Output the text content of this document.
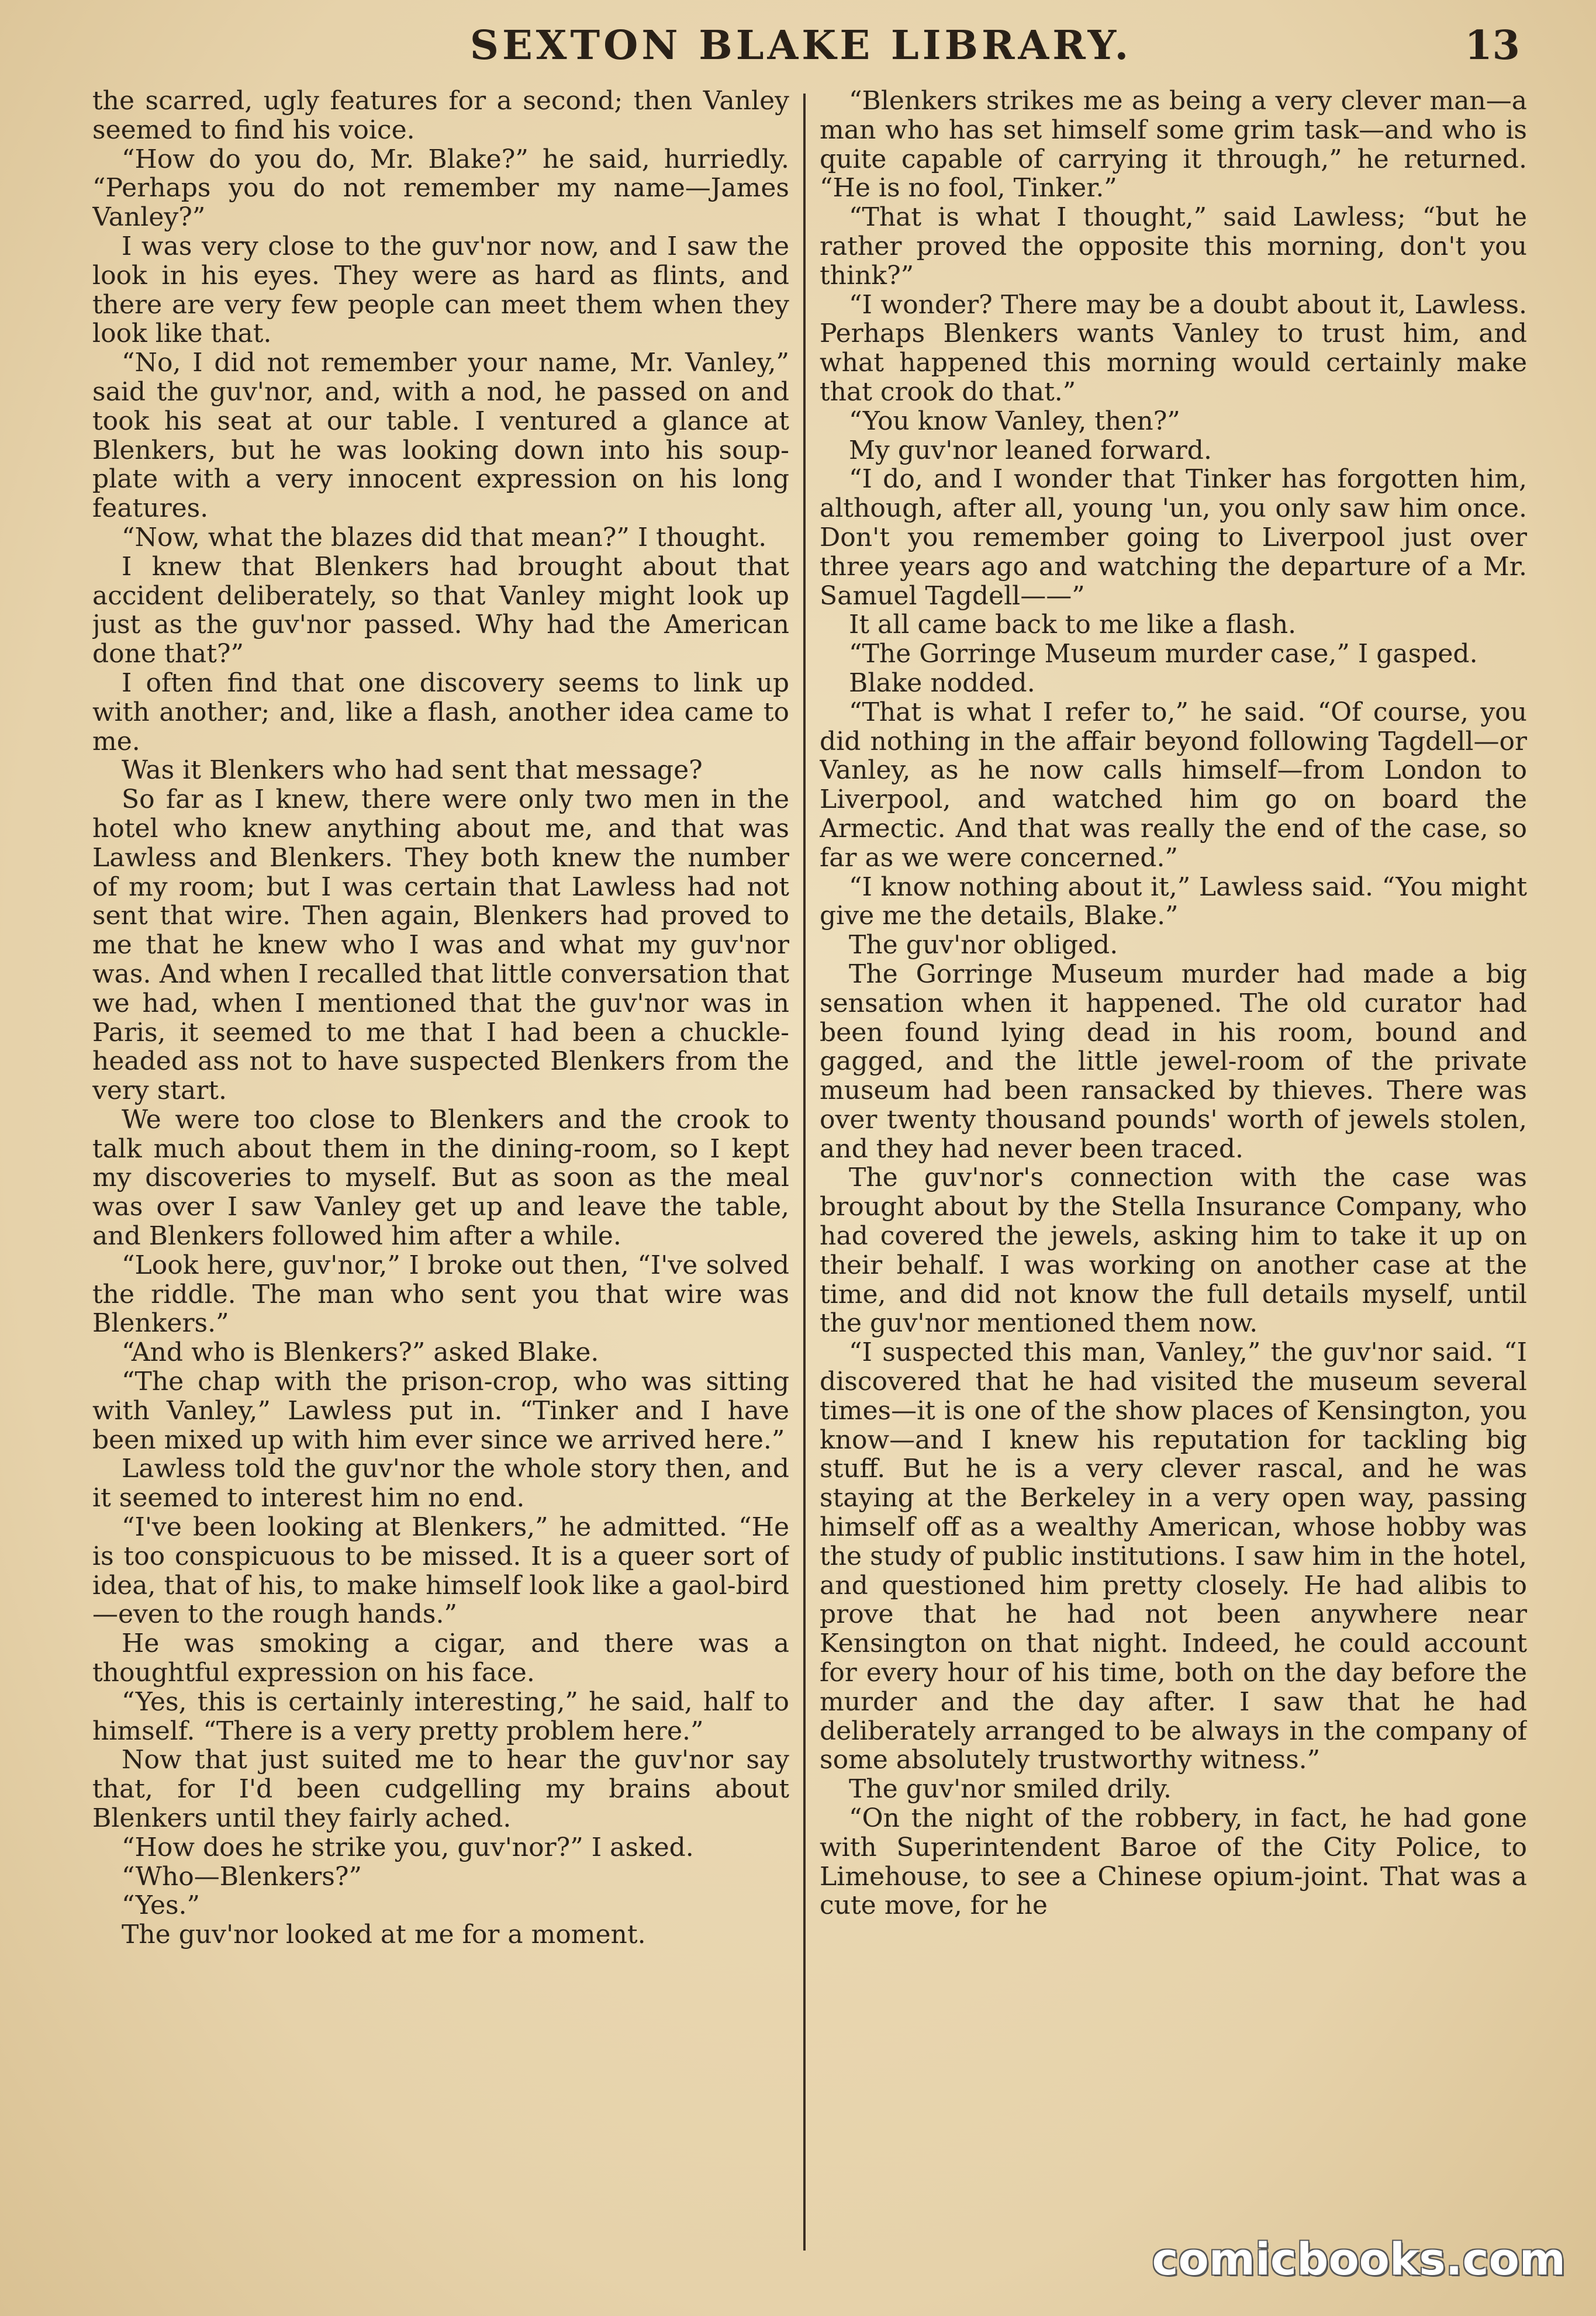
SEXTON BLAKE LIBRARY.	13

the scarred, ugly features for a second; then Vanley seemed to find his voice.

“How do you do, Mr. Blake?” he said, hurriedly. “Perhaps you do not remember my name—James Vanley?”

I was very close to the guv'nor now, and I saw the look in his eyes. They were as hard as flints, and there are very few people can meet them when they look like that.

“No, I did not remember your name, Mr. Vanley,” said the guv'nor, and, with a nod, he passed on and took his seat at our table. I ventured a glance at Blenkers, but he was looking down into his soup-plate with a very innocent expression on his long features.

“Now, what the blazes did that mean?” I thought.

I knew that Blenkers had brought about that accident deliberately, so that Vanley might look up just as the guv'nor passed. Why had the American done that?”

I often find that one discovery seems to link up with another; and, like a flash, another idea came to me.

Was it Blenkers who had sent that message?

So far as I knew, there were only two men in the hotel who knew anything about me, and that was Lawless and Blenkers. They both knew the number of my room; but I was certain that Lawless had not sent that wire. Then again, Blenkers had proved to me that he knew who I was and what my guv'nor was. And when I recalled that little conversation that we had, when I mentioned that the guv'nor was in Paris, it seemed to me that I had been a chuckle-headed ass not to have suspected Blenkers from the very start.

We were too close to Blenkers and the crook to talk much about them in the dining-room, so I kept my discoveries to myself. But as soon as the meal was over I saw Vanley get up and leave the table, and Blenkers followed him after a while.

“Look here, guv'nor,” I broke out then, “I've solved the riddle. The man who sent you that wire was Blenkers.”

“And who is Blenkers?” asked Blake.

“The chap with the prison-crop, who was sitting with Vanley,” Lawless put in. “Tinker and I have been mixed up with him ever since we arrived here.”

Lawless told the guv'nor the whole story then, and it seemed to interest him no end.

“I've been looking at Blenkers,” he admitted. “He is too conspicuous to be missed. It is a queer sort of idea, that of his, to make himself look like a gaol-bird—even to the rough hands.”

He was smoking a cigar, and there was a thoughtful expression on his face.

“Yes, this is certainly interesting,” he said, half to himself. “There is a very pretty problem here.”

Now that just suited me to hear the guv'nor say that, for I'd been cudgelling my brains about Blenkers until they fairly ached.

“How does he strike you, guv'nor?” I asked.

“Who—Blenkers?”

“Yes.”

The guv'nor looked at me for a moment.

“Blenkers strikes me as being a very clever man—a man who has set himself some grim task—and who is quite capable of carrying it through,” he returned. “He is no fool, Tinker.”

“That is what I thought,” said Lawless; “but he rather proved the opposite this morning, don't you think?”

“I wonder? There may be a doubt about it, Lawless. Perhaps Blenkers wants Vanley to trust him, and what happened this morning would certainly make that crook do that.”

“You know Vanley, then?”

My guv'nor leaned forward.

“I do, and I wonder that Tinker has forgotten him, although, after all, young 'un, you only saw him once. Don't you remember going to Liverpool just over three years ago and watching the departure of a Mr. Samuel Tagdell——”

It all came back to me like a flash.

“The Gorringe Museum murder case,” I gasped.

Blake nodded.

“That is what I refer to,” he said. “Of course, you did nothing in the affair beyond following Tagdell—or Vanley, as he now calls himself—from London to Liverpool, and watched him go on board the Armectic. And that was really the end of the case, so far as we were concerned.”

“I know nothing about it,” Lawless said. “You might give me the details, Blake.”

The guv'nor obliged.

The Gorringe Museum murder had made a big sensation when it happened. The old curator had been found lying dead in his room, bound and gagged, and the little jewel-room of the private museum had been ransacked by thieves. There was over twenty thousand pounds' worth of jewels stolen, and they had never been traced.

The guv'nor's connection with the case was brought about by the Stella Insurance Company, who had covered the jewels, asking him to take it up on their behalf. I was working on another case at the time, and did not know the full details myself, until the guv'nor mentioned them now.

“I suspected this man, Vanley,” the guv'nor said. “I discovered that he had visited the museum several times—it is one of the show places of Kensington, you know—and I knew his reputation for tackling big stuff. But he is a very clever rascal, and he was staying at the Berkeley in a very open way, passing himself off as a wealthy American, whose hobby was the study of public institutions. I saw him in the hotel, and questioned him pretty closely. He had alibis to prove that he had not been anywhere near Kensington on that night. Indeed, he could account for every hour of his time, both on the day before the murder and the day after. I saw that he had deliberately arranged to be always in the company of some absolutely trustworthy witness.”

The guv'nor smiled drily.

“On the night of the robbery, in fact, he had gone with Superintendent Baroe of the City Police, to Limehouse, to see a Chinese opium-joint. That was a cute move, for he

comicbooks.com
